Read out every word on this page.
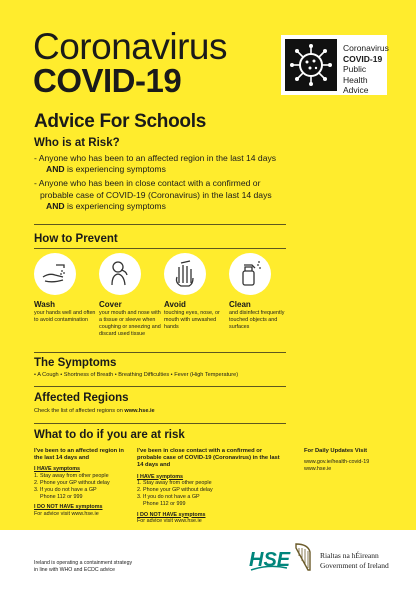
Coronavirus
COVID-19
Coronavirus
COVID-19
Public Health
Advice
Advice For Schools
Who is at Risk?
- Anyone who has been to an affected region in the last 14 days

AND is experiencing symptoms
- Anyone who has been in close contact with a confirmed or probable case of COVID-19 (Coronavirus) in the last 14 days

AND is experiencing symptoms
How to Prevent
Wash
your hands well and often to avoid contamination
Cover
your mouth and nose with a tissue or sleeve when coughing or sneezing and discard used tissue
Avoid
touching eyes, nose, or mouth with unwashed hands
Clean
and disinfect frequently touched objects and surfaces
The Symptoms
• A Cough • Shortness of Breath • Breathing Difficulties • Fever (High Temperature)
Affected Regions
Check the list of affected regions on www.hse.ie
What to do if you are at risk
I've been to an affected region in the last 14 days and

I HAVE symptoms

1. Stay away from other people

2. Phone your GP without delay

3. If you do not have a GP

Phone 112 or 999

I DO NOT HAVE symptoms

For advice visit www.hse.ie

I've been in close contact with a confirmed or probable case of COVID-19 (Coronavirus) in the last 14 days and

I HAVE symptoms

1. Stay away from other people

2. Phone your GP without delay

3. If you do not have a GP

Phone 112 or 999

I DO NOT HAVE symptoms

For advice visit www.hse.ie

For Daily Updates Visit

www.gov.ie/health-covid-19

www.hse.ie

Ireland is operating a containment strategy
in line with WHO and ECDC advice	HSE	Rialtas na hÉireann
Government of Ireland
